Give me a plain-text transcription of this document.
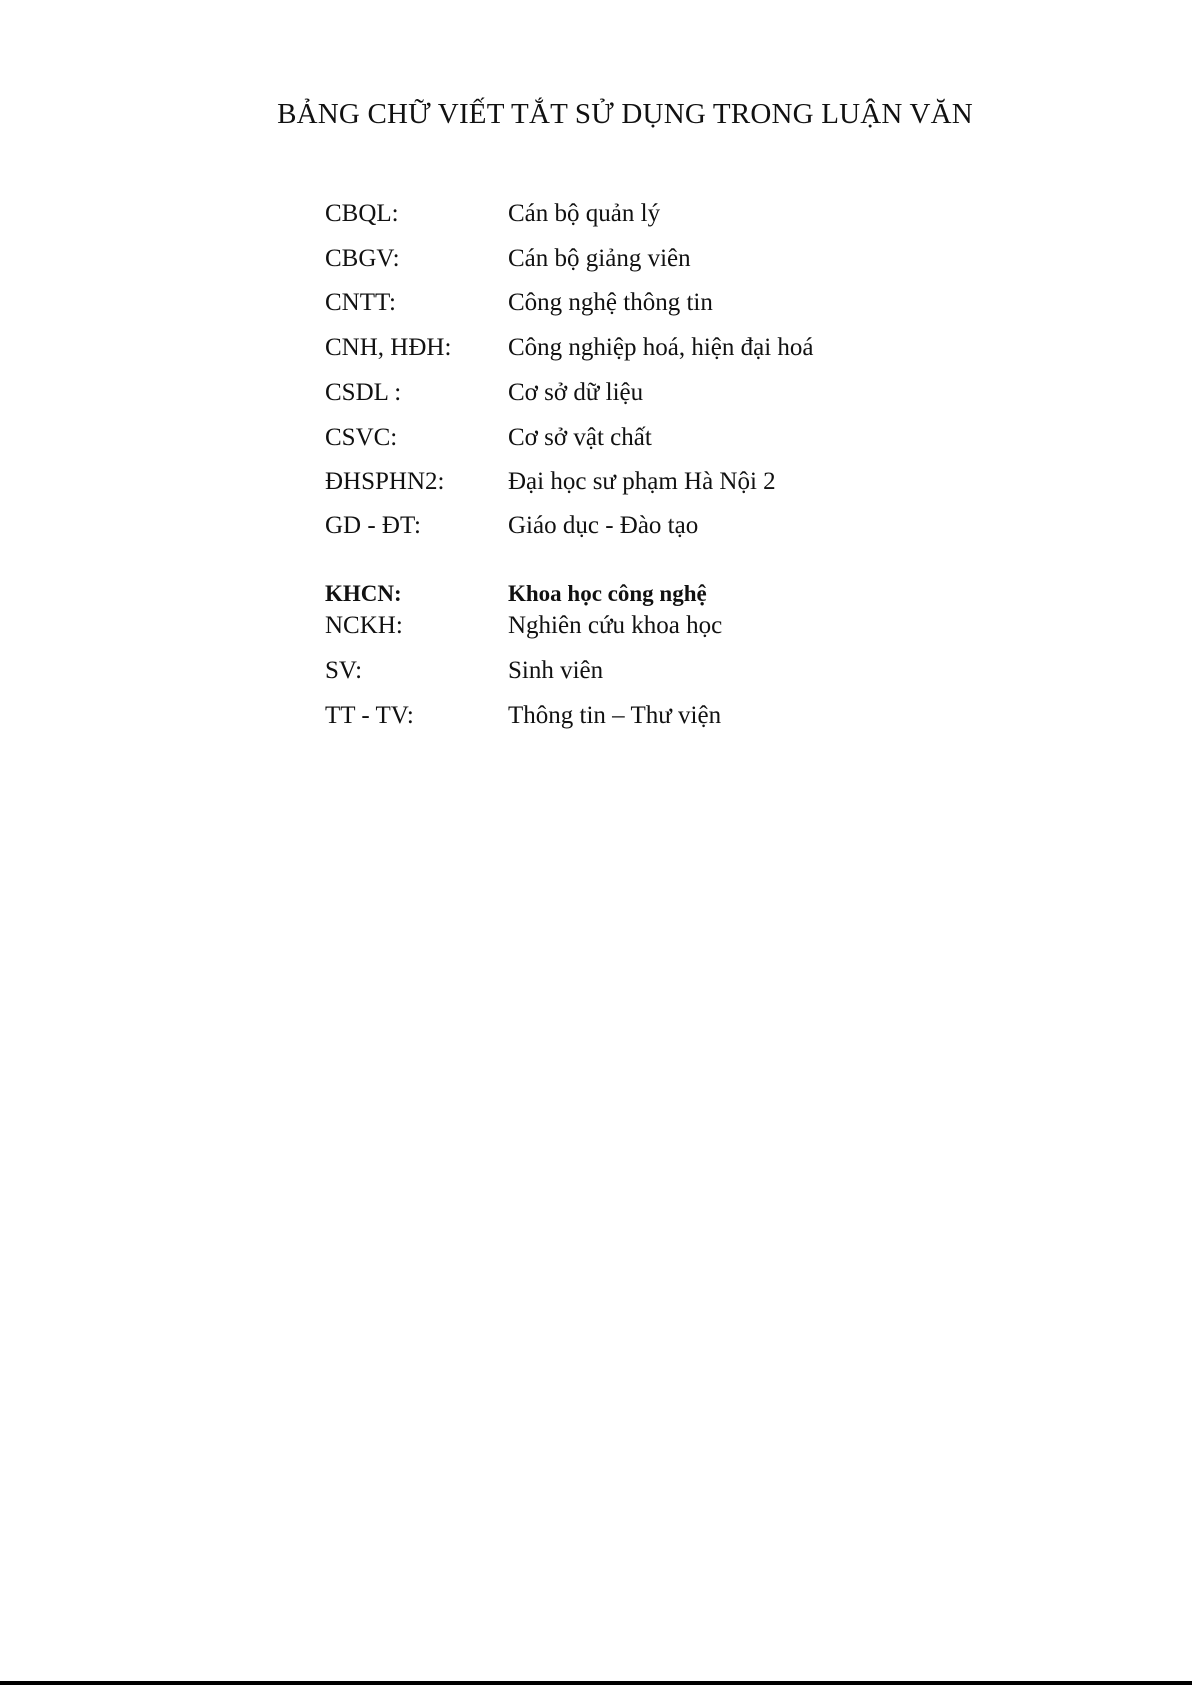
BẢNG CHỮ VIẾT TẮT SỬ DỤNG TRONG LUẬN VĂN
CBQL:	Cán bộ quản lý
CBGV:	Cán bộ giảng viên
CNTT:	Công nghệ thông tin
CNH, HĐH: Công nghiệp hoá, hiện đại hoá
CSDL :	Cơ sở dữ liệu
CSVC:	Cơ sở vật chất
ĐHSPHN2:	Đại học sư phạm Hà Nội 2
GD - ĐT:	Giáo dục - Đào tạo
KHCN:	Khoa học công nghệ
NCKH:	Nghiên cứu khoa học
SV:	Sinh viên
TT - TV:	Thông tin – Thư viện
